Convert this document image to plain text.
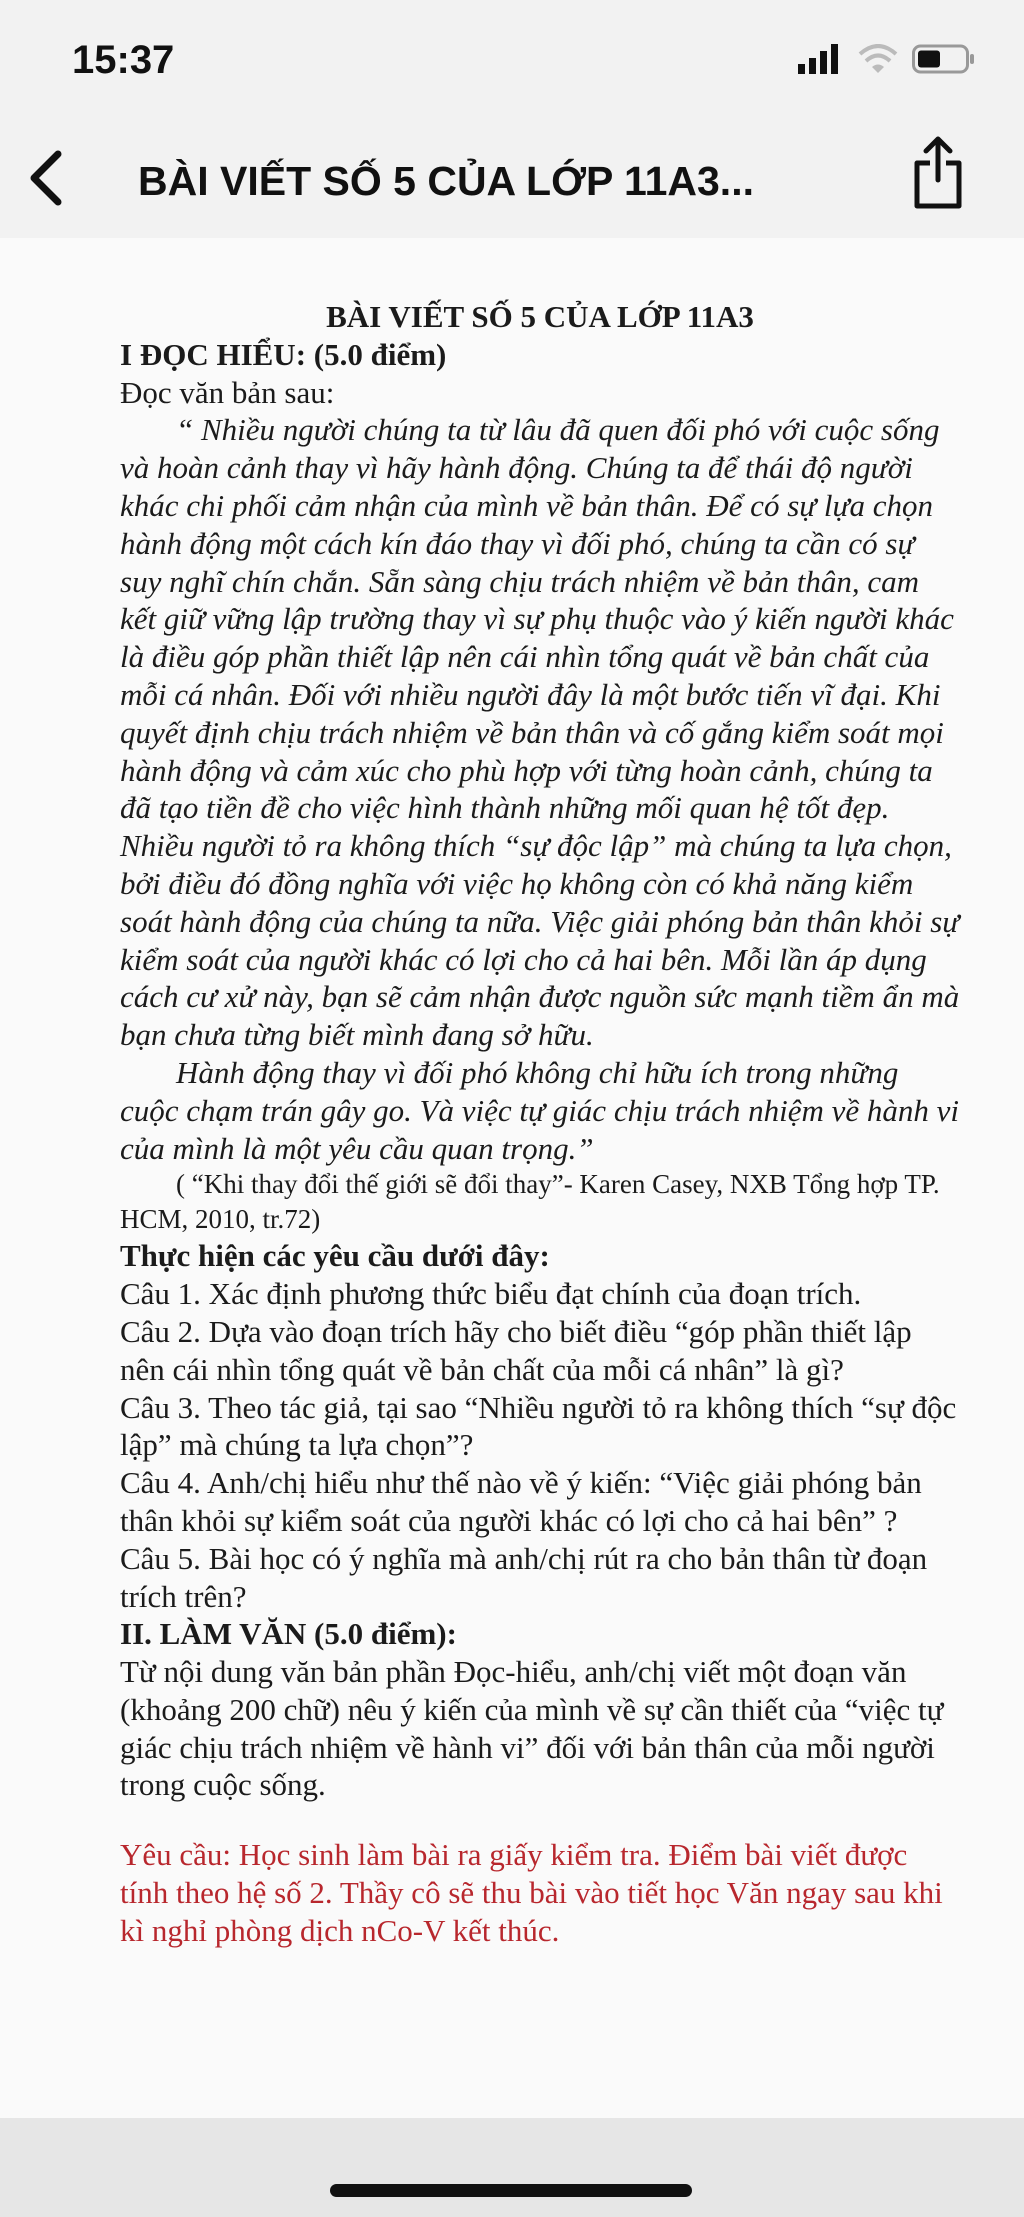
15:37
BÀI VIẾT SỐ 5 CỦA LỚP 11A3...
BÀI VIẾT SỐ 5 CỦA LỚP 11A3
I ĐỌC HIỂU: (5.0 điểm)
Đọc văn bản sau:
“ Nhiều người chúng ta từ lâu đã quen đối phó với cuộc sống và hoàn cảnh thay vì hãy hành động. Chúng ta để thái độ người khác chi phối cảm nhận của mình về bản thân. Để có sự lựa chọn hành động một cách kín đáo thay vì đối phó, chúng ta cần có sự suy nghĩ chín chắn. Sẵn sàng chịu trách nhiệm về bản thân, cam kết giữ vững lập trường thay vì sự phụ thuộc vào ý kiến người khác là điều góp phần thiết lập nên cái nhìn tổng quát về bản chất của mỗi cá nhân. Đối với nhiều người đây là một bước tiến vĩ đại. Khi quyết định chịu trách nhiệm về bản thân và cố gắng kiểm soát mọi hành động và cảm xúc cho phù hợp với từng hoàn cảnh, chúng ta đã tạo tiền đề cho việc hình thành những mối quan hệ tốt đẹp. Nhiều người tỏ ra không thích “sự độc lập” mà chúng ta lựa chọn, bởi điều đó đồng nghĩa với việc họ không còn có khả năng kiểm soát hành động của chúng ta nữa. Việc giải phóng bản thân khỏi sự kiểm soát của người khác có lợi cho cả hai bên. Mỗi lần áp dụng cách cư xử này, bạn sẽ cảm nhận được nguồn sức mạnh tiềm ẩn mà bạn chưa từng biết mình đang sở hữu.
Hành động thay vì đối phó không chỉ hữu ích trong những cuộc chạm trán gây go. Và việc tự giác chịu trách nhiệm về hành vi của mình là một yêu cầu quan trọng.”
( “Khi thay đổi thế giới sẽ đổi thay”- Karen Casey, NXB Tổng hợp TP. HCM, 2010, tr.72)
Thực hiện các yêu cầu dưới đây:
Câu 1. Xác định phương thức biểu đạt chính của đoạn trích.
Câu 2. Dựa vào đoạn trích hãy cho biết điều “góp phần thiết lập nên cái nhìn tổng quát về bản chất của mỗi cá nhân” là gì?
Câu 3. Theo tác giả, tại sao “Nhiều người tỏ ra không thích “sự độc lập” mà chúng ta lựa chọn”?
Câu 4. Anh/chị hiểu như thế nào về ý kiến: “Việc giải phóng bản thân khỏi sự kiểm soát của người khác có lợi cho cả hai bên” ?
Câu 5. Bài học có ý nghĩa mà anh/chị rút ra cho bản thân từ đoạn trích trên?
II. LÀM VĂN (5.0 điểm):
Từ nội dung văn bản phần Đọc-hiểu, anh/chị viết một đoạn văn (khoảng 200 chữ) nêu ý kiến của mình về sự cần thiết của “việc tự giác chịu trách nhiệm về hành vi” đối với bản thân của mỗi người trong cuộc sống.
Yêu cầu: Học sinh làm bài ra giấy kiểm tra. Điểm bài viết được tính theo hệ số 2. Thầy cô sẽ thu bài vào tiết học Văn ngay sau khi kì nghỉ phòng dịch nCo-V kết thúc.
